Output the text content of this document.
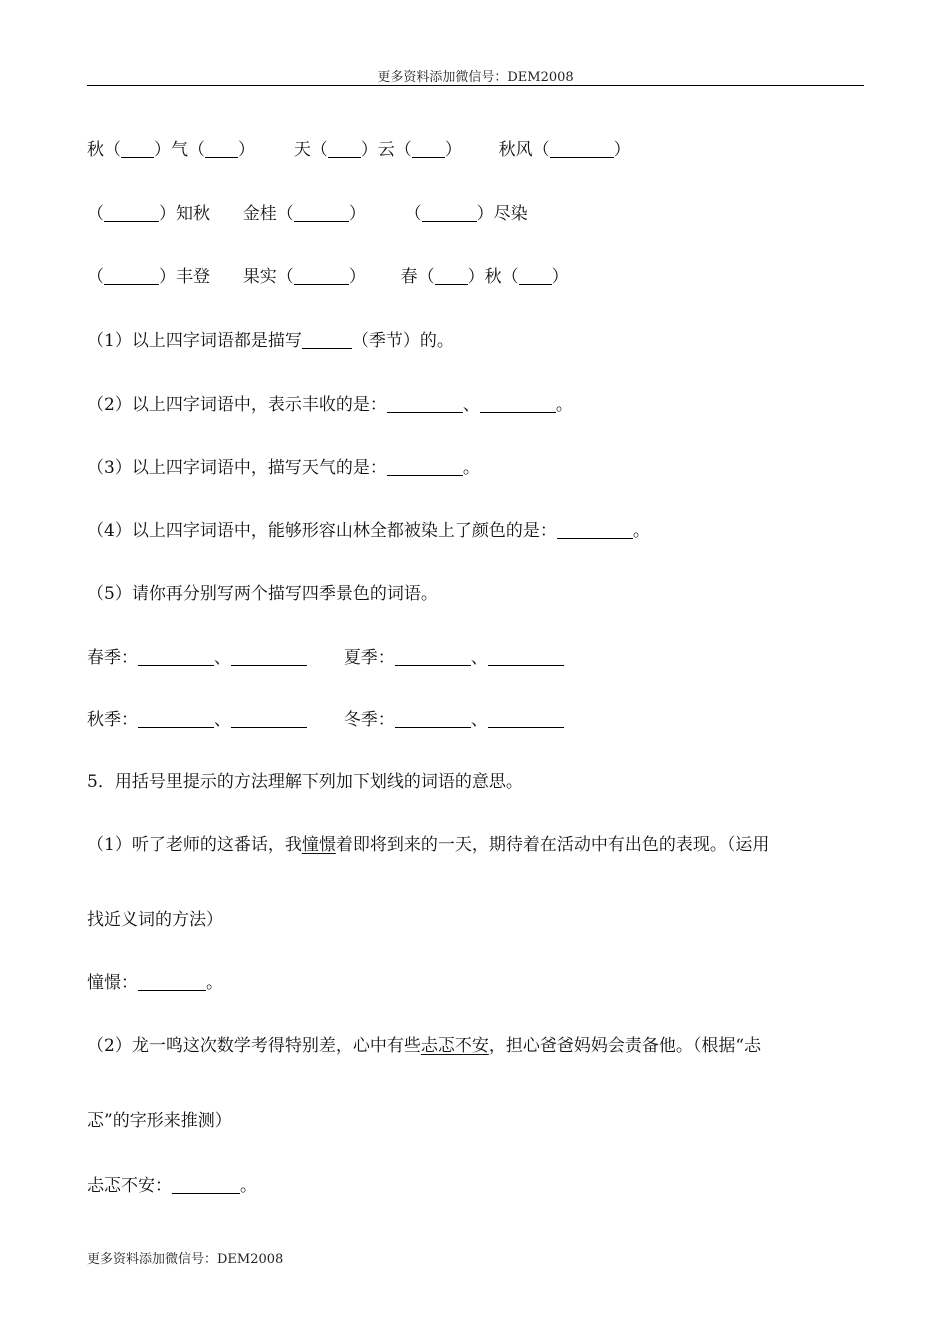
更多资料添加微信号：DEM2008
秋（ ）气（ ） 天（ ）云（ ） 秋风（	）
（	）知秋 金桂（	） （	）尽染
（	）丰登 果实（	） 春（ ）秋（ ）
（1）以上四字词语都是描写	（季节）的。
（2）以上四字词语中，表示丰收的是：	、	。
（3）以上四字词语中，描写天气的是：	。
（4）以上四字词语中，能够形容山林全都被染上了颜色的是：	。
（5）请你再分别写两个描写四季景色的词语。
春季：	、	夏季：	、
秋季：	、	冬季：	、
5．用括号里提示的方法理解下列加下划线的词语的意思。
（1）听了老师的这番话，我憧憬着即将到来的一天，期待着在活动中有出色的表现。（运用
找近义词的方法）
憧憬：	。
（2）龙一鸣这次数学考得特别差，心中有些忐忑不安，担心爸爸妈妈会责备他。（根据“忐
忑”的字形来推测）
忐忑不安：	。
更多资料添加微信号：DEM2008
